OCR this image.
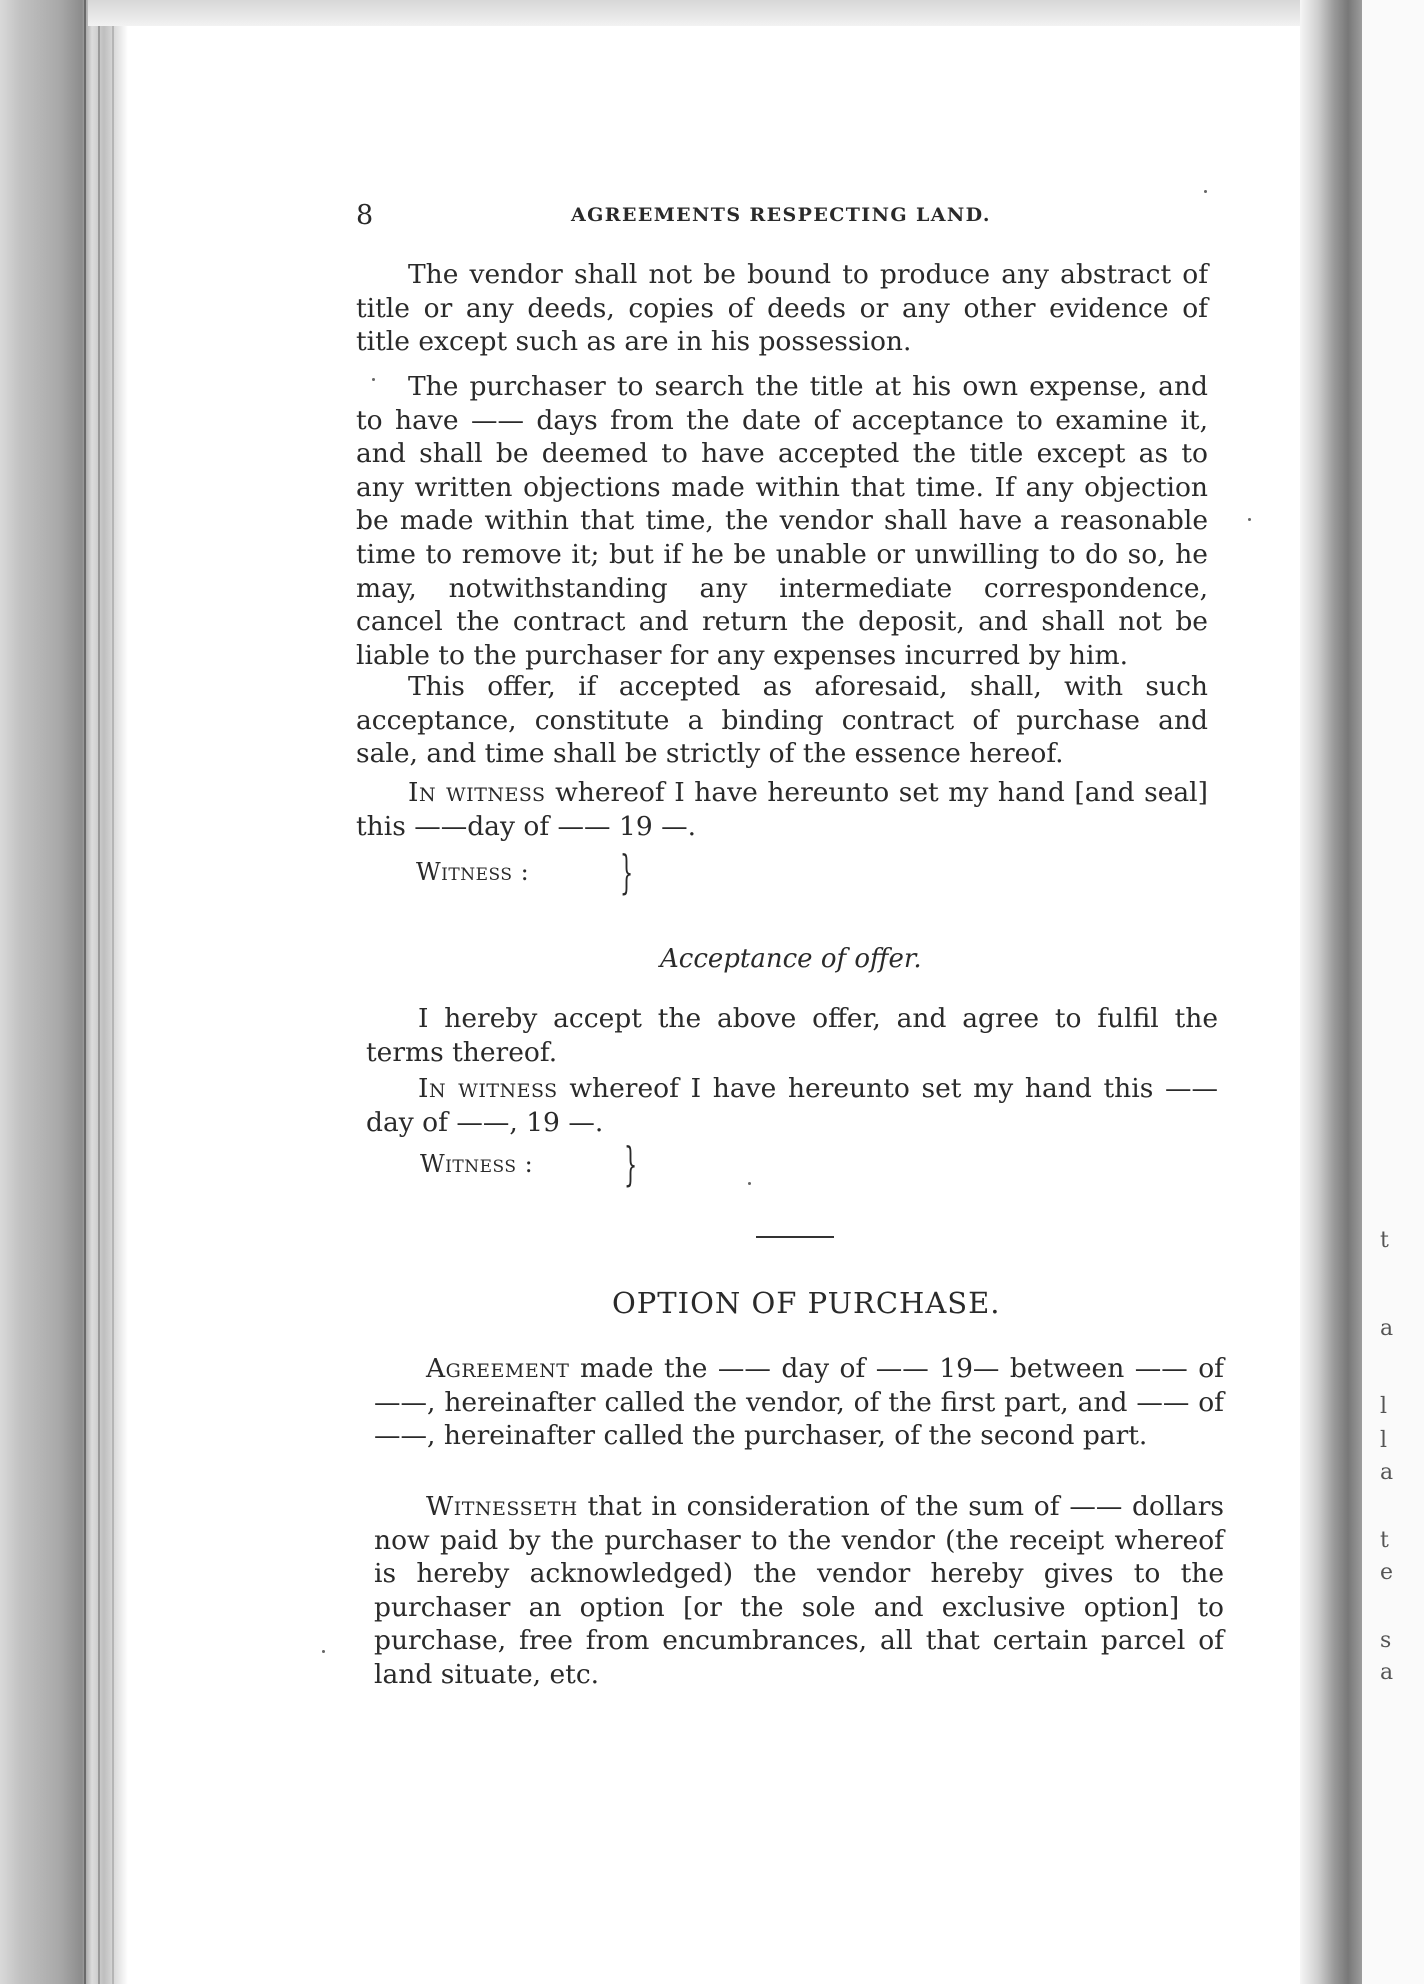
t
a
l
l
a
t
e
s
a
8	AGREEMENTS RESPECTING LAND.

The vendor shall not be bound to produce any abstract of title or any deeds, copies of deeds or any other evidence of title except such as are in his possession.

The purchaser to search the title at his own expense, and to have —— days from the date of acceptance to examine it, and shall be deemed to have accepted the title except as to any written objections made within that time. If any objection be made within that time, the vendor shall have a reasonable time to remove it; but if he be unable or unwilling to do so, he may, notwithstanding any intermediate correspondence, cancel the contract and return the deposit, and shall not be liable to the purchaser for any expenses incurred by him.

This offer, if accepted as aforesaid, shall, with such acceptance, constitute a binding contract of purchase and sale, and time shall be strictly of the essence hereof.

In witness whereof I have hereunto set my hand [and seal] this ——day of —— 19 —.

Witness : }
Acceptance of offer.

I hereby accept the above offer, and agree to fulfil the terms thereof.

In witness whereof I have hereunto set my hand this —— day of ——, 19 —.

Witness : }
OPTION OF PURCHASE.

Agreement made the —— day of —— 19— between —— of ——, hereinafter called the vendor, of the first part, and —— of ——, hereinafter called the purchaser, of the second part.

Witnesseth that in consideration of the sum of —— dollars now paid by the purchaser to the vendor (the receipt whereof is hereby acknowledged) the vendor hereby gives to the purchaser an option [or the sole and exclusive option] to purchase, free from encumbrances, all that certain parcel of land situate, etc.
